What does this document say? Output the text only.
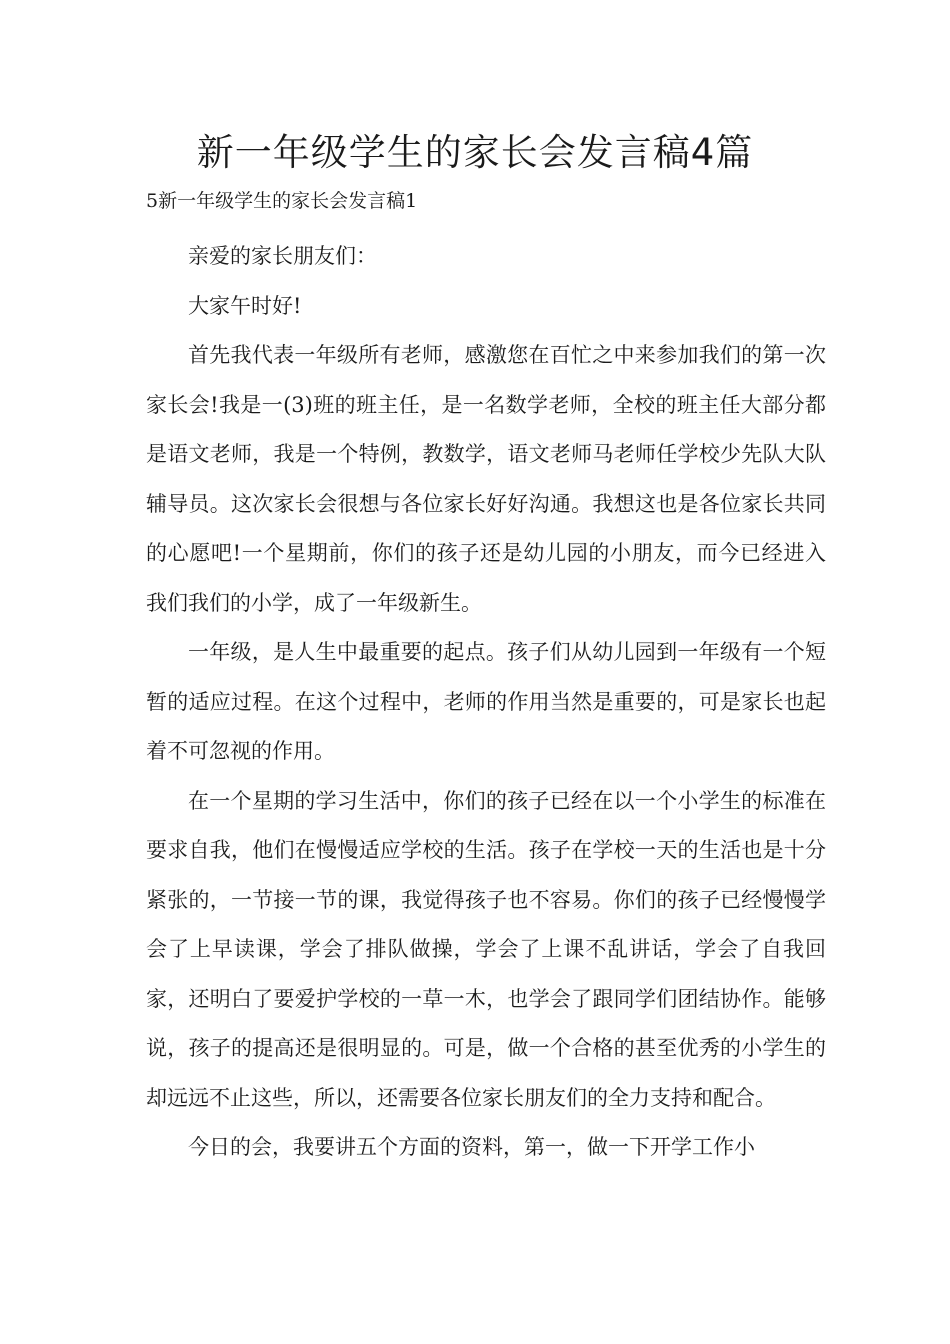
新一年级学生的家长会发言稿4篇

5新一年级学生的家长会发言稿1

亲爱的家长朋友们：

大家午时好!

首先我代表一年级所有老师，感激您在百忙之中来参加我们的第一次家长会!我是一(3)班的班主任，是一名数学老师，全校的班主任大部分都是语文老师，我是一个特例，教数学，语文老师马老师任学校少先队大队辅导员。这次家长会很想与各位家长好好沟通。我想这也是各位家长共同的心愿吧!一个星期前，你们的孩子还是幼儿园的小朋友，而今已经进入我们我们的小学，成了一年级新生。

一年级，是人生中最重要的起点。孩子们从幼儿园到一年级有一个短暂的适应过程。在这个过程中，老师的作用当然是重要的，可是家长也起着不可忽视的作用。

在一个星期的学习生活中，你们的孩子已经在以一个小学生的标准在要求自我，他们在慢慢适应学校的生活。孩子在学校一天的生活也是十分紧张的，一节接一节的课，我觉得孩子也不容易。你们的孩子已经慢慢学会了上早读课，学会了排队做操，学会了上课不乱讲话，学会了自我回家，还明白了要爱护学校的一草一木，也学会了跟同学们团结协作。能够说，孩子的提高还是很明显的。可是，做一个合格的甚至优秀的小学生的却远远不止这些，所以，还需要各位家长朋友们的全力支持和配合。

今日的会，我要讲五个方面的资料，第一，做一下开学工作小
